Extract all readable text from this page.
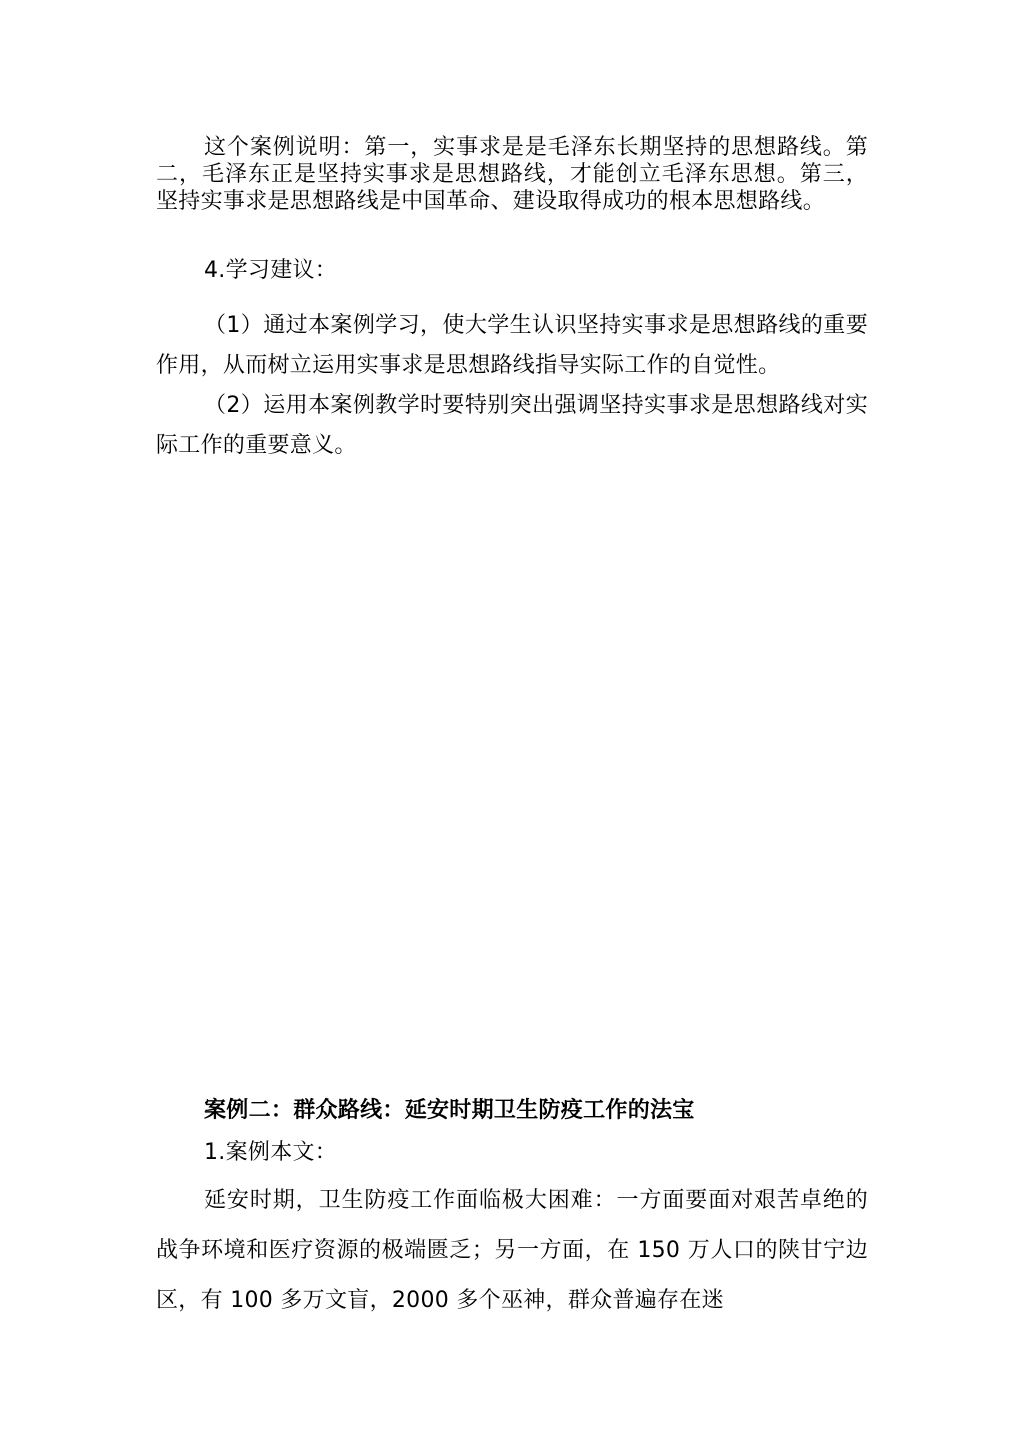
这个案例说明：第一，实事求是是毛泽东长期坚持的思想路线。第二，毛泽东正是坚持实事求是思想路线，才能创立毛泽东思想。第三，坚持实事求是思想路线是中国革命、建设取得成功的根本思想路线。

4.学习建议：

（1）通过本案例学习，使大学生认识坚持实事求是思想路线的重要作用，从而树立运用实事求是思想路线指导实际工作的自觉性。

（2）运用本案例教学时要特别突出强调坚持实事求是思想路线对实际工作的重要意义。

案例二：群众路线：延安时期卫生防疫工作的法宝

1.案例本文：

延安时期，卫生防疫工作面临极大困难：一方面要面对艰苦卓绝的战争环境和医疗资源的极端匮乏；另一方面，在 150 万人口的陕甘宁边区，有 100 多万文盲，2000 多个巫神，群众普遍存在迷
